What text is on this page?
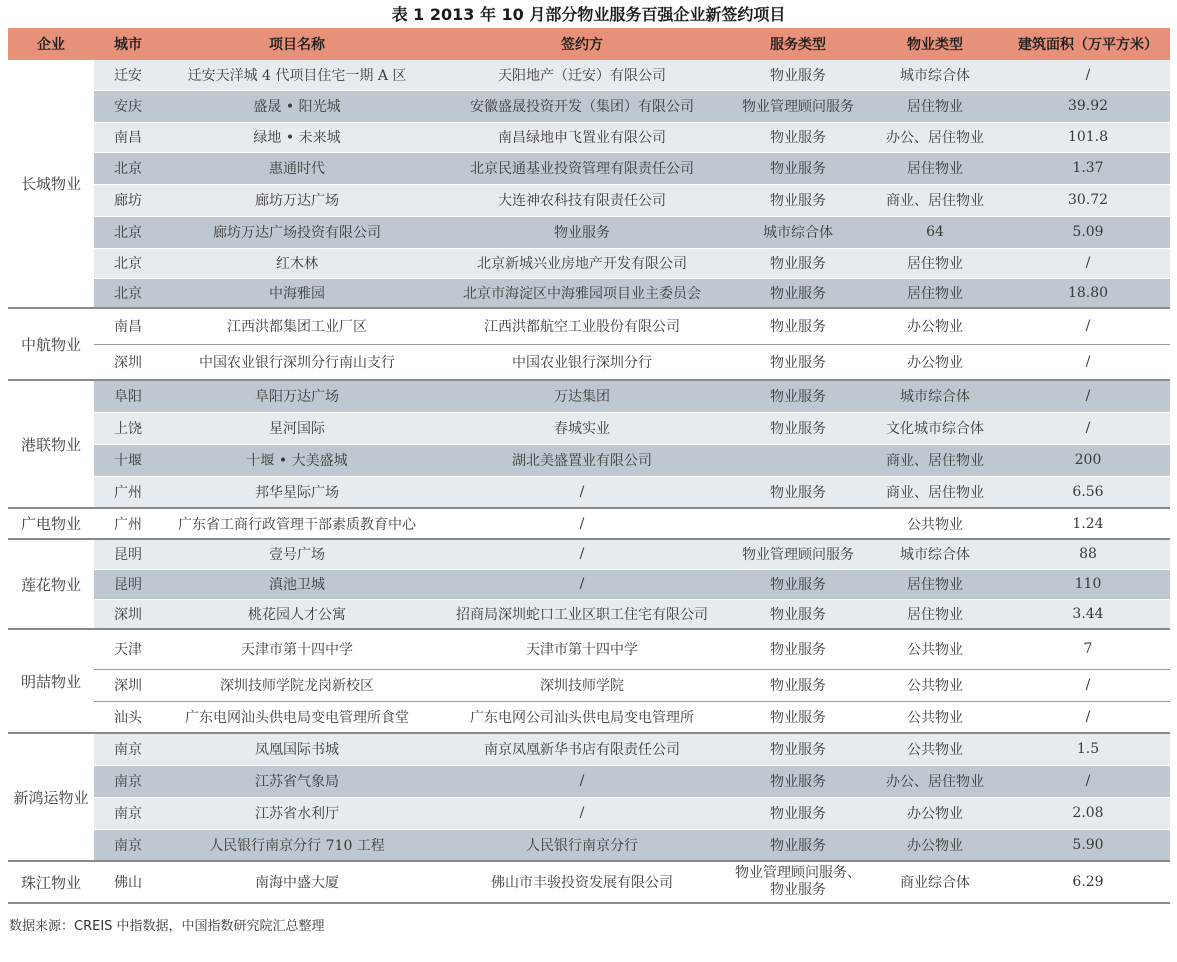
表 1 2013 年 10 月部分物业服务百强企业新签约项目
企业	城市	项目名称	签约方	服务类型	物业类型	建筑面积（万平方米）
长城物业	迁安	迁安天洋城 4 代项目住宅一期 A 区	天阳地产（迁安）有限公司	物业服务	城市综合体	/
	安庆	盛晟 • 阳光城	安徽盛晟投资开发（集团）有限公司	物业管理顾问服务	居住物业	39.92
	南昌	绿地 • 未来城	南昌绿地申飞置业有限公司	物业服务	办公、居住物业	101.8
	北京	惠通时代	北京民通基业投资管理有限责任公司	物业服务	居住物业	1.37
	廊坊	廊坊万达广场	大连神农科技有限责任公司	物业服务	商业、居住物业	30.72
	北京	廊坊万达广场投资有限公司	物业服务	城市综合体	64	5.09
	北京	红木林	北京新城兴业房地产开发有限公司	物业服务	居住物业	/
	北京	中海雅园	北京市海淀区中海雅园项目业主委员会	物业服务	居住物业	18.80
中航物业	南昌	江西洪都集团工业厂区	江西洪都航空工业股份有限公司	物业服务	办公物业	/
	深圳	中国农业银行深圳分行南山支行	中国农业银行深圳分行	物业服务	办公物业	/
港联物业	阜阳	阜阳万达广场	万达集团	物业服务	城市综合体	/
	上饶	星河国际	春城实业	物业服务	文化城市综合体	/
	十堰	十堰 • 大美盛城	湖北美盛置业有限公司		商业、居住物业	200
	广州	邦华星际广场	/	物业服务	商业、居住物业	6.56
广电物业	广州	广东省工商行政管理干部素质教育中心	/		公共物业	1.24
莲花物业	昆明	壹号广场	/	物业管理顾问服务	城市综合体	88
	昆明	滇池卫城	/	物业服务	居住物业	110
	深圳	桃花园人才公寓	招商局深圳蛇口工业区职工住宅有限公司	物业服务	居住物业	3.44
明喆物业	天津	天津市第十四中学	天津市第十四中学	物业服务	公共物业	7
	深圳	深圳技师学院龙岗新校区	深圳技师学院	物业服务	公共物业	/
	汕头	广东电网汕头供电局变电管理所食堂	广东电网公司汕头供电局变电管理所	物业服务	公共物业	/
新鸿运物业	南京	凤凰国际书城	南京凤凰新华书店有限责任公司	物业服务	公共物业	1.5
	南京	江苏省气象局	/	物业服务	办公、居住物业	/
	南京	江苏省水利厅	/	物业服务	办公物业	2.08
	南京	人民银行南京分行 710 工程	人民银行南京分行	物业服务	办公物业	5.90
珠江物业	佛山	南海中盛大厦	佛山市丰骏投资发展有限公司	物业管理顾问服务、物业服务	商业综合体	6.29
数据来源：CREIS 中指数据，中国指数研究院汇总整理
